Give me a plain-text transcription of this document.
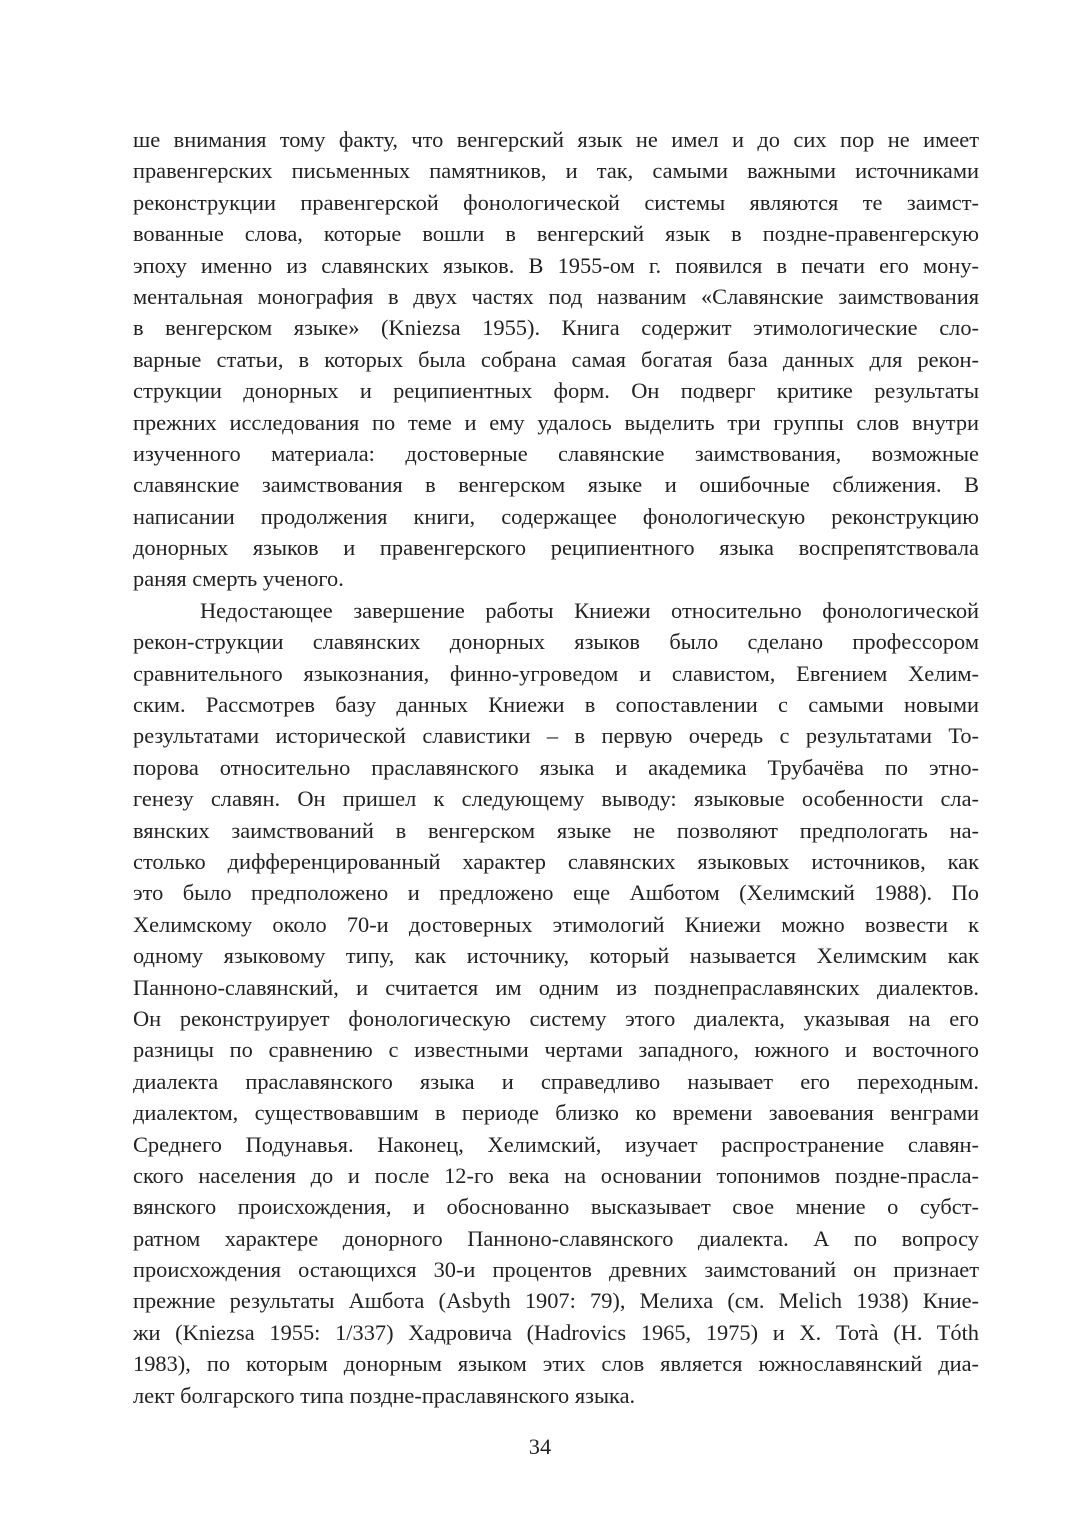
ше внимания тому факту, что венгерский язык не имел и до сих пор не имеет
правенгерских письменных памятников, и так, самыми важными источниками
реконструкции правенгерской фонологической системы являются те заимст-
вованные слова, которые вошли в венгерский язык в поздне-правенгерскую
эпоху именно из славянских языков. В 1955-ом г. появился в печати его мону-
ментальная монография в двух частях под названим «Славянские заимствования
в венгерском языке» (Kniezsa 1955). Книга содержит этимологические сло-
варные статьи, в которых была собрана самая богатая база данных для рекон-
струкции донорных и реципиентных форм. Он подверг критике результаты
прежних исследования по теме и ему удалось выделить три группы слов внутри
изученного материала: достоверные славянские заимствования, возможные
славянские заимствования в венгерском языке и ошибочные сближения. В
написании продолжения книги, содержащее фонологическую реконструкцию
донорных языков и правенгерского реципиентного языка воспрепятствовала
раняя смерть ученого.
Недостающее завершение работы Книежи относительно фонологической
рекон-струкции славянских донорных языков было сделано профессором
сравнительного языкознания, финно-угроведом и славистом, Евгением Хелим-
ским. Рассмотрев базу данных Книежи в сопоставлении с самыми новыми
результатами исторической славистики – в первую очередь с результатами То-
порова относительно праславянского языка и академика Трубачёва по этно-
генезу славян. Он пришел к следующему выводу: языковые особенности сла-
вянских заимствований в венгерском языке не позволяют предпологать на-
столько дифференцированный характер славянских языковых источников, как
это было предположено и предложено еще Ашботом (Хелимский 1988). По
Хелимскому около 70-и достоверных этимологий Книежи можно возвести к
одному языковому типу, как источнику, который называется Хелимским как
Панноно-славянский, и считается им одним из позднепраславянских диалектов.
Он реконструирует фонологическую систему этого диалекта, указывая на его
разницы по сравнению с известными чертами западного, южного и восточного
диалекта праславянского языка и справедливо называет его переходным.
диалектом, существовавшим в периоде близко ко времени завоевания венграми
Среднего Подунавья. Наконец, Хелимский, изучает распространение славян-
ского населения до и после 12-го века на основании топонимов поздне-прасла-
вянского происхождения, и обоснованно высказывает свое мнение о субст-
ратном характере донорного Панноно-славянского диалекта. А по вопросу
происхождения остающихся 30-и процентов древних заимстований он признает
прежние результаты Ашбота (Asbyth 1907: 79), Мелиха (см. Melich 1938) Книe-
жи (Kniezsa 1955: 1/337) Хадровича (Hadrovics 1965, 1975) и Х. Тотà (H. Tóth
1983), по которым донорным языком этих слов является южнославянский диа-
лект болгарского типа поздне-праславянского языка.
34
